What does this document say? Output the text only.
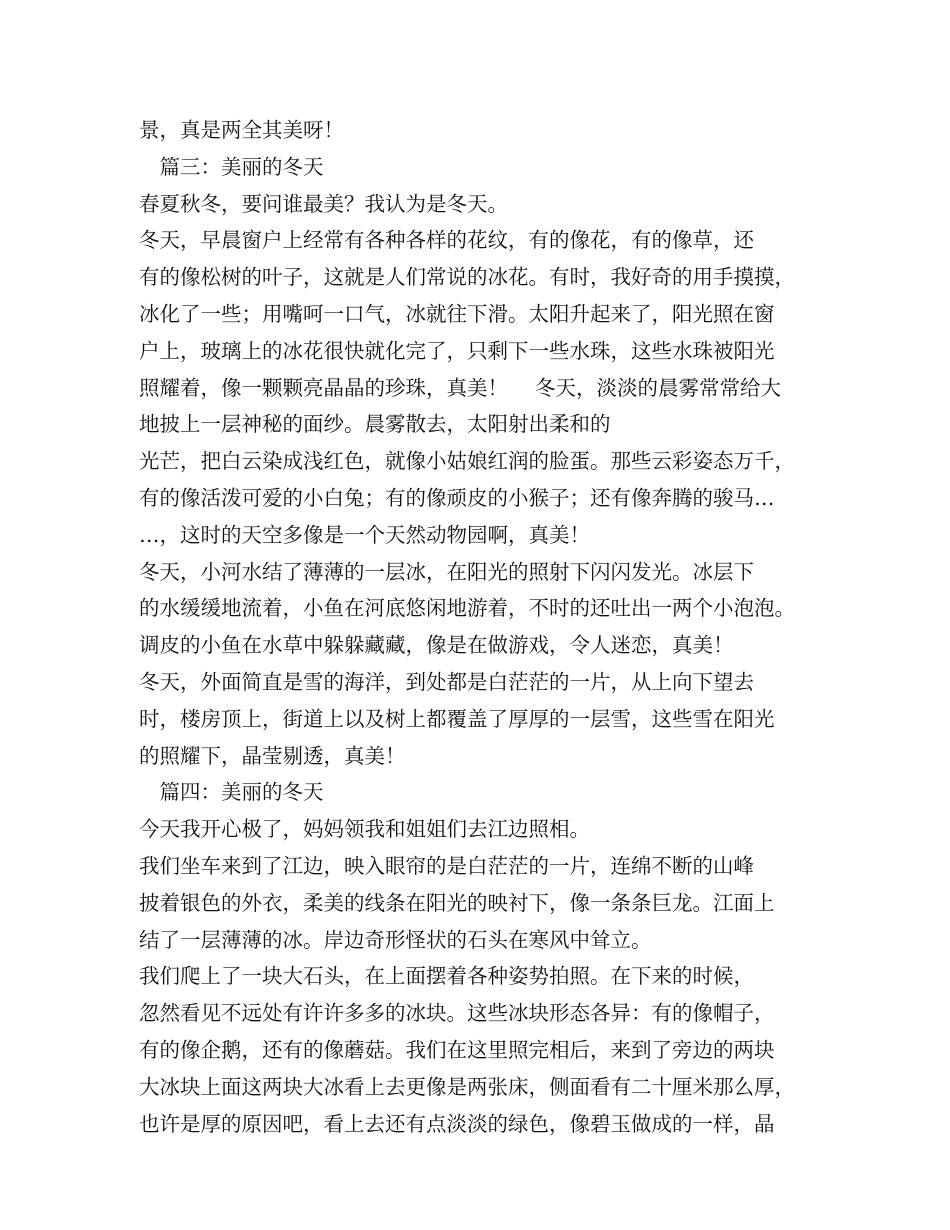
景，真是两全其美呀！
　篇三：美丽的冬天
春夏秋冬，要问谁最美？我认为是冬天。
冬天，早晨窗户上经常有各种各样的花纹，有的像花，有的像草，还
有的像松树的叶子，这就是人们常说的冰花。有时，我好奇的用手摸摸，
冰化了一些；用嘴呵一口气，冰就往下滑。太阳升起来了，阳光照在窗
户上，玻璃上的冰花很快就化完了，只剩下一些水珠，这些水珠被阳光
照耀着，像一颗颗亮晶晶的珍珠，真美！　 冬天，淡淡的晨雾常常给大
地披上一层神秘的面纱。晨雾散去，太阳射出柔和的
光芒，把白云染成浅红色，就像小姑娘红润的脸蛋。那些云彩姿态万千，
有的像活泼可爱的小白兔；有的像顽皮的小猴子；还有像奔腾的骏马…
…，这时的天空多像是一个天然动物园啊，真美！
冬天，小河水结了薄薄的一层冰，在阳光的照射下闪闪发光。冰层下
的水缓缓地流着，小鱼在河底悠闲地游着，不时的还吐出一两个小泡泡。
调皮的小鱼在水草中躲躲藏藏，像是在做游戏，令人迷恋，真美！
冬天，外面简直是雪的海洋，到处都是白茫茫的一片，从上向下望去
时，楼房顶上，街道上以及树上都覆盖了厚厚的一层雪，这些雪在阳光
的照耀下，晶莹剔透，真美！
　篇四：美丽的冬天
今天我开心极了，妈妈领我和姐姐们去江边照相。
我们坐车来到了江边，映入眼帘的是白茫茫的一片，连绵不断的山峰
披着银色的外衣，柔美的线条在阳光的映衬下，像一条条巨龙。江面上
结了一层薄薄的冰。岸边奇形怪状的石头在寒风中耸立。
我们爬上了一块大石头，在上面摆着各种姿势拍照。在下来的时候，
忽然看见不远处有许许多多的冰块。这些冰块形态各异：有的像帽子，
有的像企鹅，还有的像蘑菇。我们在这里照完相后，来到了旁边的两块
大冰块上面这两块大冰看上去更像是两张床，侧面看有二十厘米那么厚，
也许是厚的原因吧，看上去还有点淡淡的绿色，像碧玉做成的一样，晶
